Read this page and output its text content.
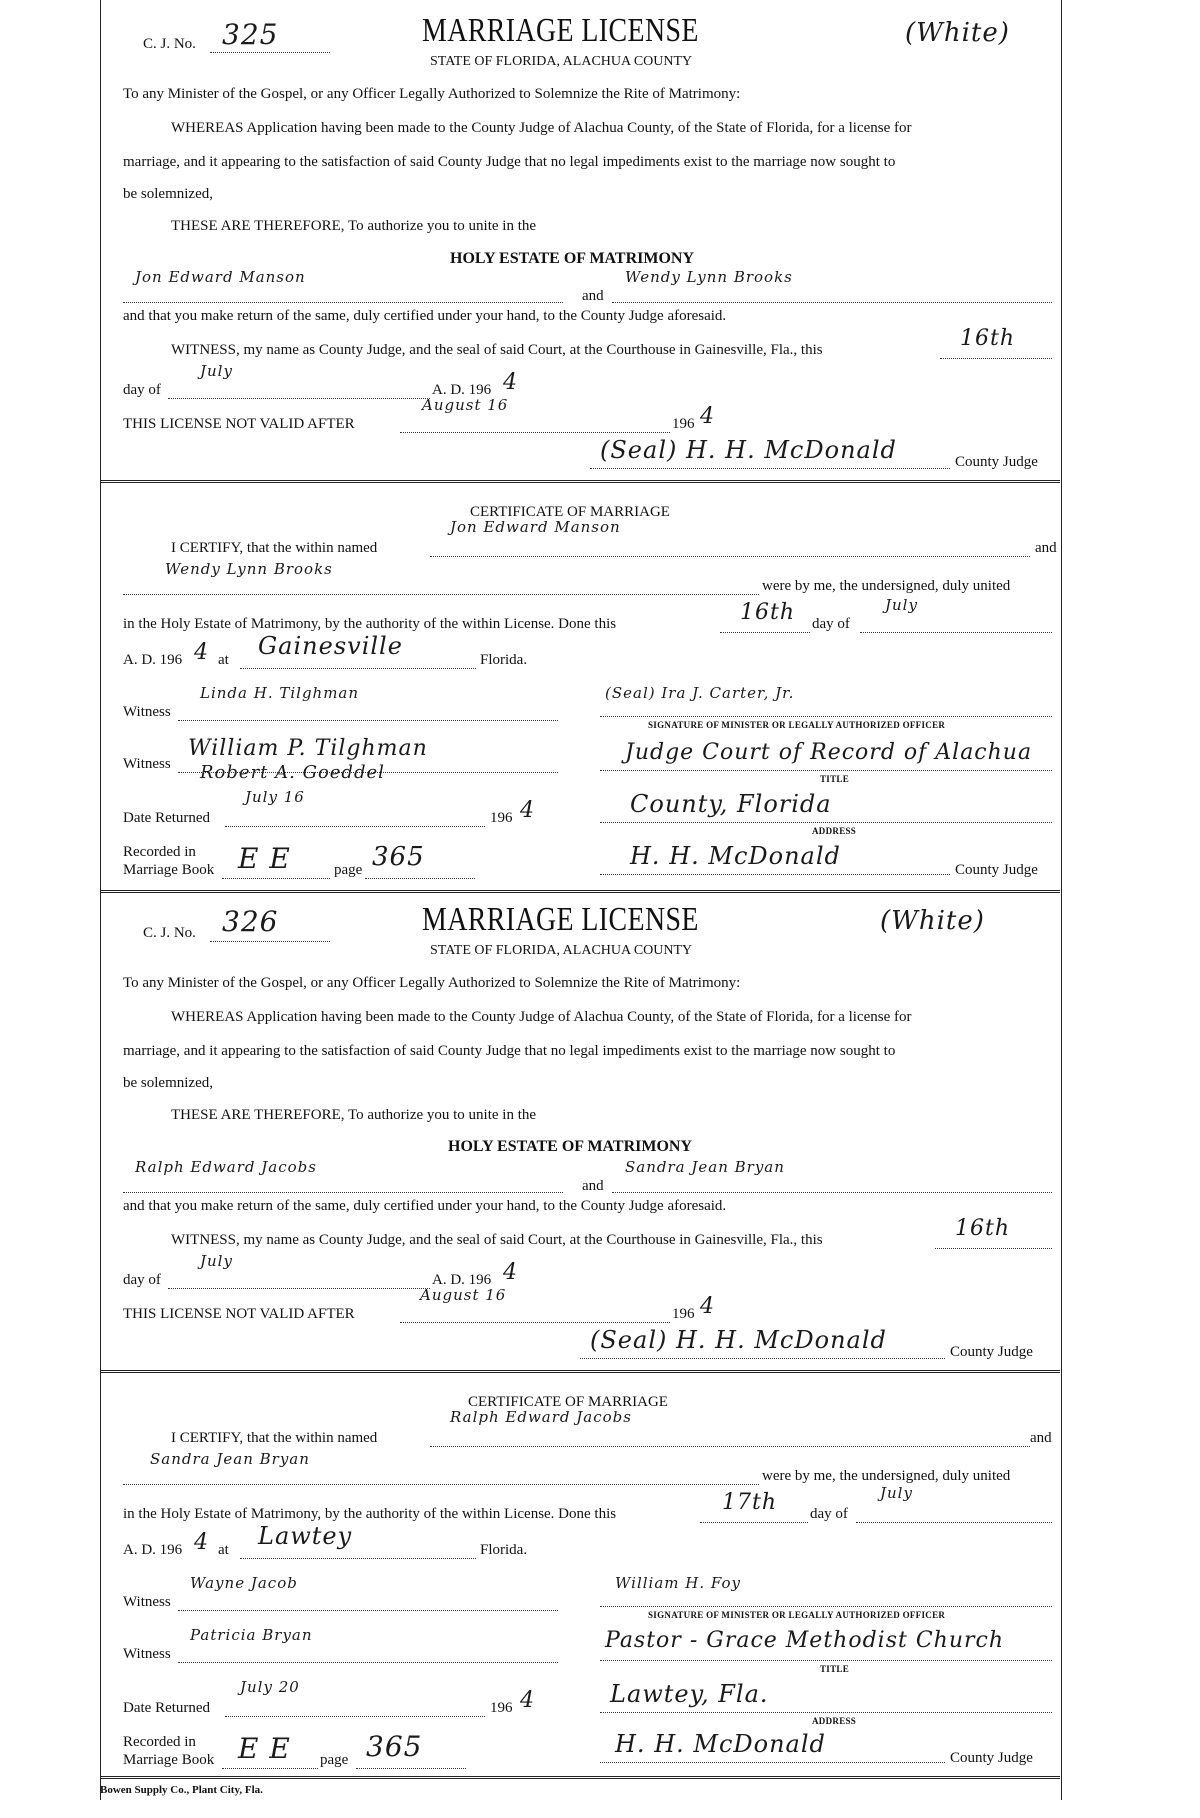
C. J. No. 325	MARRIAGE LICENSE	(White)
STATE OF FLORIDA, ALACHUA COUNTY
To any Minister of the Gospel, or any Officer Legally Authorized to Solemnize the Rite of Matrimony:
WHEREAS Application having been made to the County Judge of Alachua County, of the State of Florida, for a license for
marriage, and it appearing to the satisfaction of said County Judge that no legal impediments exist to the marriage now sought to
be solemnized,
THESE ARE THEREFORE, To authorize you to unite in the
HOLY ESTATE OF MATRIMONY
Jon Edward Manson
and
Wendy Lynn Brooks
and that you make return of the same, duly certified under your hand, to the County Judge aforesaid.
WITNESS, my name as County Judge, and the seal of said Court, at the Courthouse in Gainesville, Fla., this	16th
day of
July
A. D. 196 4
THIS LICENSE NOT VALID AFTER
August 16
196 4
(Seal) H. H. McDonald	County Judge
CERTIFICATE OF MARRIAGE
I CERTIFY, that the within named
Jon Edward Manson
and
Wendy Lynn Brooks
were by me, the undersigned, duly united
in the Holy Estate of Matrimony, by the authority of the within License. Done this	16th day of
July
A. D. 196 4 at Gainesville	Florida.
Witness
Linda H. Tilghman	(Seal) Ira J. Carter, Jr.
SIGNATURE OF MINISTER OR LEGALLY AUTHORIZED OFFICER
Witness
William P. Tilghman
Robert A. Goeddel
Judge Court of Record of Alachua
TITLE
Date Returned
July 16
196 4	County, Florida
ADDRESS
Recorded in
Marriage Book E E	page 365	H. H. McDonald	County Judge
C. J. No. 326	MARRIAGE LICENSE	(White)
STATE OF FLORIDA, ALACHUA COUNTY
To any Minister of the Gospel, or any Officer Legally Authorized to Solemnize the Rite of Matrimony:
WHEREAS Application having been made to the County Judge of Alachua County, of the State of Florida, for a license for
marriage, and it appearing to the satisfaction of said County Judge that no legal impediments exist to the marriage now sought to
be solemnized,
THESE ARE THEREFORE, To authorize you to unite in the
HOLY ESTATE OF MATRIMONY
Ralph Edward Jacobs
and
Sandra Jean Bryan
and that you make return of the same, duly certified under your hand, to the County Judge aforesaid.
WITNESS, my name as County Judge, and the seal of said Court, at the Courthouse in Gainesville, Fla., this	16th
day of
July
A. D. 196 4
THIS LICENSE NOT VALID AFTER
August 16
196 4
(Seal) H. H. McDonald	County Judge
CERTIFICATE OF MARRIAGE
I CERTIFY, that the within named
Ralph Edward Jacobs
and
Sandra Jean Bryan
were by me, the undersigned, duly united
in the Holy Estate of Matrimony, by the authority of the within License. Done this	17th day of
July
A. D. 196 4 at Lawtey	Florida.
Witness
Wayne Jacob	William H. Foy
SIGNATURE OF MINISTER OR LEGALLY AUTHORIZED OFFICER
Witness
Patricia Bryan	Pastor - Grace Methodist Church
TITLE
Date Returned
July 20
196 4	Lawtey, Fla.
ADDRESS
Recorded in
Marriage Book E E page 365	H. H. McDonald	County Judge
Bowen Supply Co., Plant City, Fla.
